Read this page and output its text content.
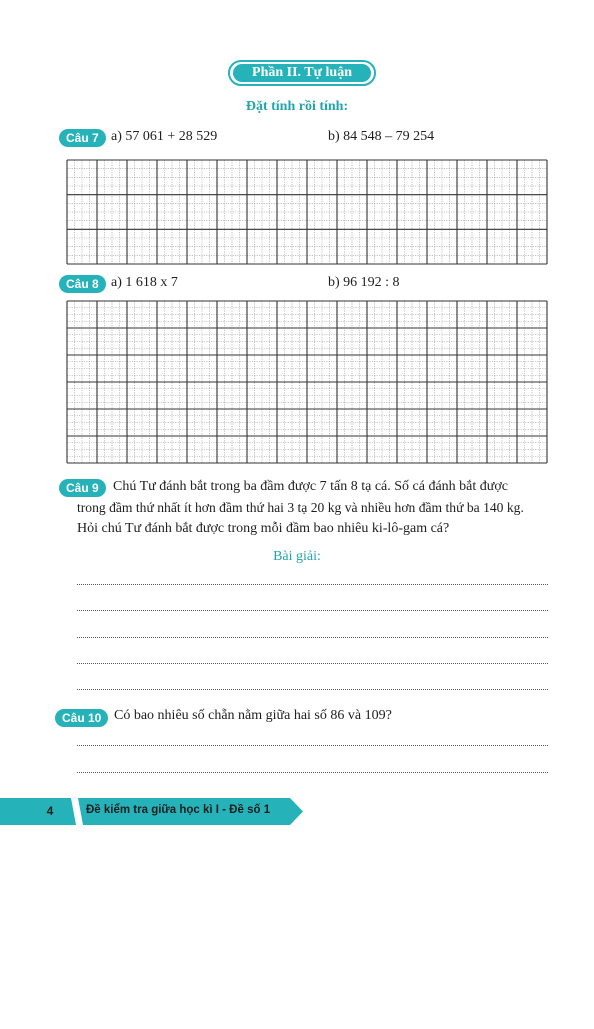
Phần II. Tự luận
Đặt tính rồi tính:
Câu 7 a) 57 061 + 28 529	b) 84 548 – 79 254
Câu 8 a) 1 618 x 7	b) 96 192 : 8
Câu 9	Chú Tư đánh bắt trong ba đầm được 7 tấn 8 tạ cá. Số cá đánh bắt được
trong đầm thứ nhất ít hơn đầm thứ hai 3 tạ 20 kg và nhiều hơn đầm thứ ba 140 kg.
Hỏi chú Tư đánh bắt được trong mỗi đầm bao nhiêu ki-lô-gam cá?
Bài giải:
Câu 10 Có bao nhiêu số chẵn nằm giữa hai số 86 và 109?
4	Đề kiểm tra giữa học kì I - Đề số 1
